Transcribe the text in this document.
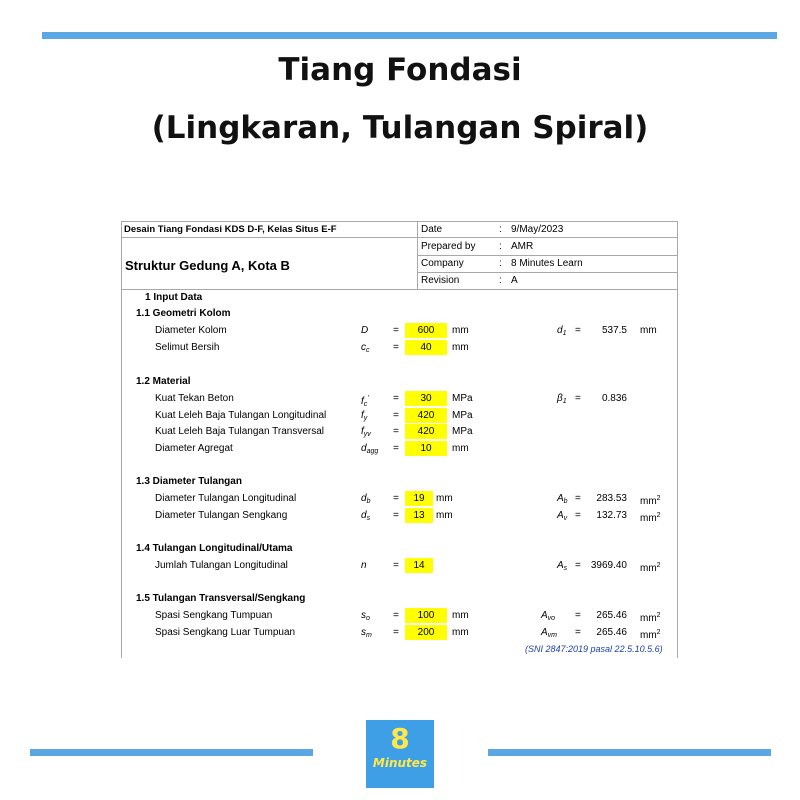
Tiang Fondasi
(Lingkaran, Tulangan Spiral)
Desain Tiang Fondasi KDS D-F, Kelas Situs E-F
Struktur Gedung A, Kota B
Date	: 9/May/2023
Prepared by : AMR
Company	: 8 Minutes Learn
Revision	: A
1 Input Data
1.1 Geometri Kolom
1.2 Material
1.3 Diameter Tulangan
1.4 Tulangan Longitudinal/Utama
1.5 Tulangan Transversal/Sengkang
Diameter Kolom	D =	600	mm	$d_1$ =	537.5 mm
Selimut Bersih	$c_c$ =	40	mm
Kuat Tekan Beton	$f_c'$ =	30	MPa	$\beta_1$ =	0.836
Kuat Leleh Baja Tulangan Longitudinal	$f_y$	=	420	MPa
Kuat Leleh Baja Tulangan Transversal	$f_{yv}$ =	420	MPa
Diameter Agregat	$d_{agg}$ =	10	mm
Diameter Tulangan Longitudinal	$d_b$ =	19	mm	$A_b$ =	283.53 $mm^2$
Diameter Tulangan Sengkang	$d_s$ =	13	mm	$A_v$ =	132.73 $mm^2$
Jumlah Tulangan Longitudinal	n	=	14	$A_s$ =	3969.40 $mm^2$
Spasi Sengkang Tumpuan	$s_o$ =	100	mm	$A_{vo}$ =	265.46 $mm^2$
Spasi Sengkang Luar Tumpuan	$s_m$ =	200	mm	$A_{vm}$ =	265.46 $mm^2$
(SNI 2847:2019 pasal 22.5.10.5.6)
8
Minutes
